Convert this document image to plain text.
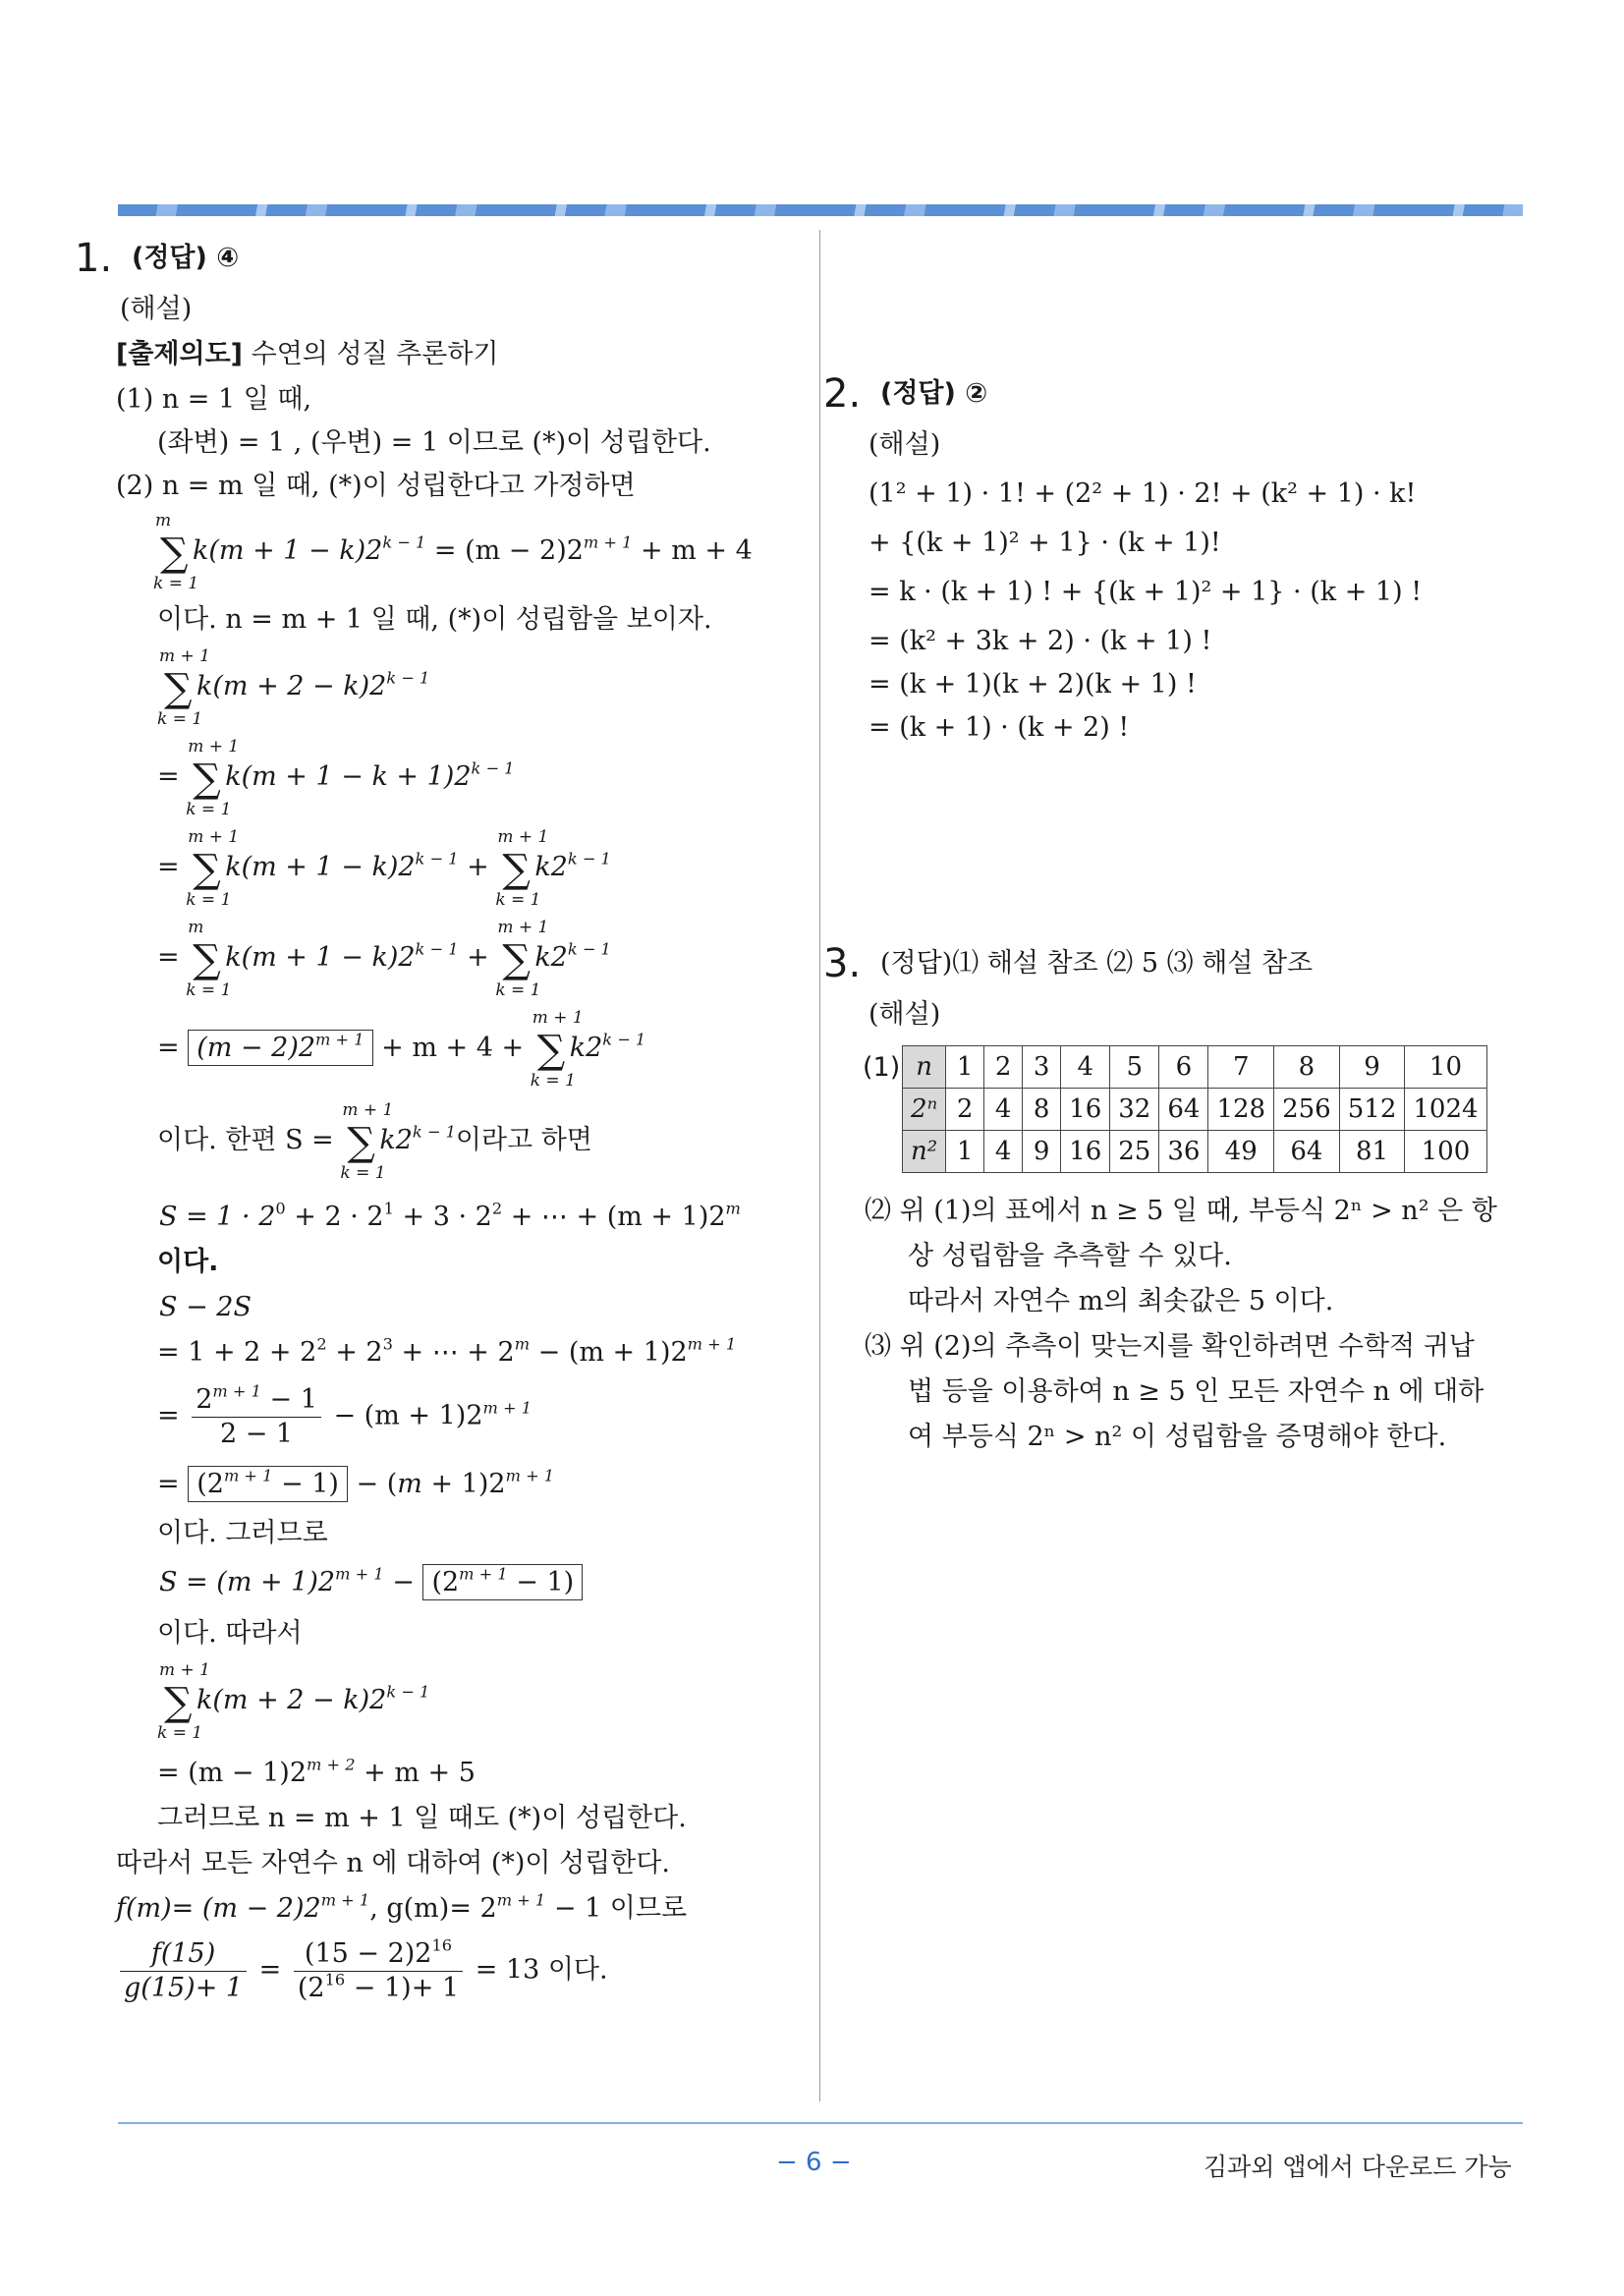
1. (정답) ④
(해설)
[출제의도] 수연의 성질 추론하기
(1) n = 1 일 때,
(좌변) = 1 , (우변) = 1 이므로 (*)이 성립한다.
(2) n = m 일 때, (*)이 성립한다고 가정하면
m
∑
k = 1
$k(m + 1 - k)2^{k - 1} = (m - 2)2^{m + 1} + m + 4$
이다. n = m + 1 일 때, (*)이 성립함을 보이자.
m + 1
∑
k = 1
$k(m + 2 - k)2^{k - 1}$
=
m + 1
∑
k = 1
$k(m + 1 - k + 1)2^{k - 1}$
=
m + 1
∑
k = 1
$k(m + 1 - k)2^{k - 1}$ +
m + 1
∑
k = 1
$k2^{k - 1}$
=
m
∑
k = 1
$k(m + 1 - k)2^{k - 1}$ +
m + 1
∑
k = 1
$k2^{k - 1}$
= $(m - 2)2^{m + 1} + m + 4$ +
m + 1
∑
k = 1
$k2^{k - 1}$
이다. 한편 S =
m + 1
∑
k = 1
$k2^{k - 1}$이라고 하면
$S = 1 \cdot 2^0 + 2 \cdot 2^1 + 3 \cdot 2^2$ + ⋯ + $(m + 1)2^m$
이다.
S − 2S
= $1 + 2 + 2^2 + 2^3$ + ⋯ + $2^m - (m + 1)2^{m + 1}$
= $\frac{2^{m + 1} - 1}{2 - 1} - (m + 1)2^{m + 1}$
= $(2^{m + 1} - 1) - (m + 1)2^{m + 1}$
이다. 그러므로
$S = (m + 1)2^{m + 1} - (2^{m + 1} - 1)$
이다. 따라서
m + 1
∑
k = 1
$k(m + 2 - k)2^{k - 1}$
= $(m - 1)2^{m + 2} + m + 5$
그러므로 n = m + 1 일 때도 (*)이 성립한다.
따라서 모든 자연수 n 에 대하여 (*)이 성립한다.
$f(m)= (m - 2)2^{m + 1}$, $g(m)= 2^{m + 1} - 1$ 이므로
$\frac{f(15)}{g(15)+ 1} = \frac{(15 - 2)2^{16}}{(2^{16} - 1)+ 1} = 13$ 이다.
2. (정답) ②
(해설)
(1² + 1) · 1! + (2² + 1) · 2! + (k² + 1) · k!
+ {(k + 1)² + 1} · (k + 1)!
= k · (k + 1) ! + {(k + 1)² + 1} · (k + 1) !
= (k² + 3k + 2) · (k + 1) !
= (k + 1)(k + 2)(k + 1) !
= (k + 1) · (k + 2) !
3. (정답)⑴ 해설 참조 ⑵ 5 ⑶ 해설 참조
(해설)
(1) n	1	2	3	4	5	6	7	8	9	10
2ⁿ	2	4	8	16	32	64	128	256	512	1024
n²	1	4	9	16	25	36	49	64	81	100
⑵ 위 (1)의 표에서 n ≥ 5 일 때, 부등식 2ⁿ > n² 은 항
상 성립함을 추측할 수 있다.
따라서 자연수 m의 최솟값은 5 이다.
⑶ 위 (2)의 추측이 맞는지를 확인하려면 수학적 귀납
법 등을 이용하여 n ≥ 5 인 모든 자연수 n 에 대하
여 부등식 2ⁿ > n² 이 성립함을 증명해야 한다.
− 6 −	김과외 앱에서 다운로드 가능
